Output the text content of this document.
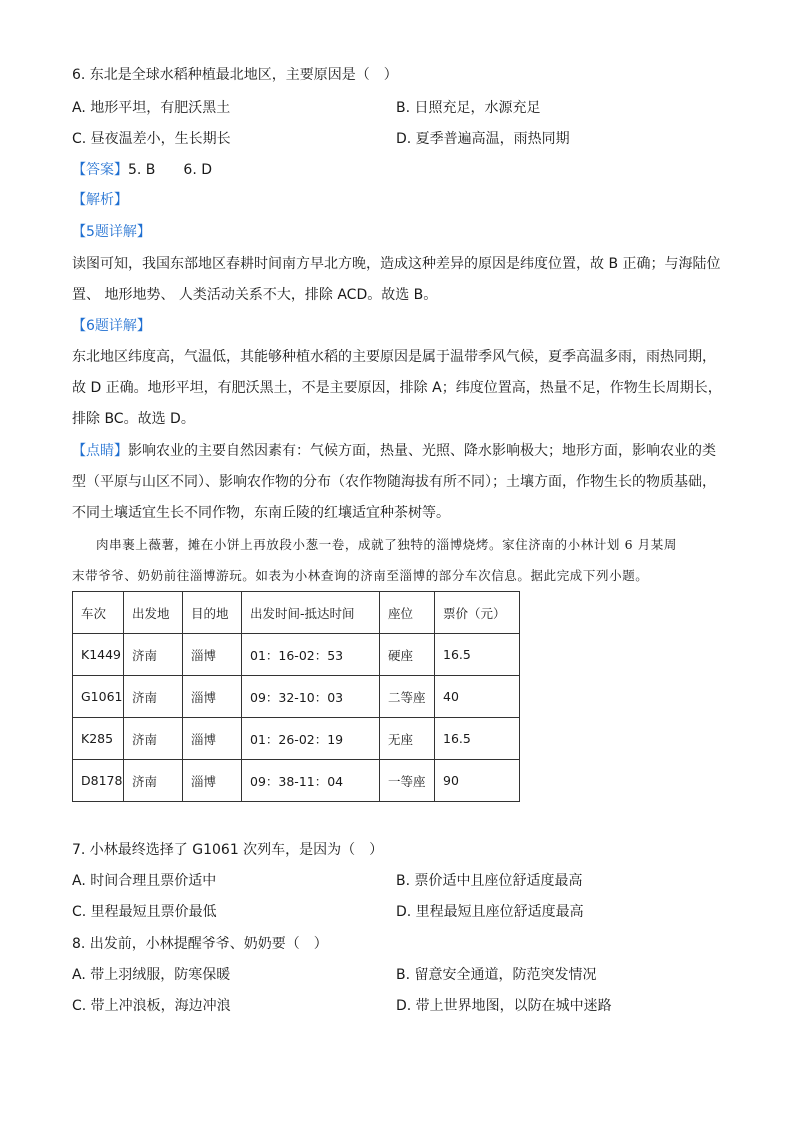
6. 东北是全球水稻种植最北地区，主要原因是（　）
A. 地形平坦，有肥沃黑土	B. 日照充足，水源充足
C. 昼夜温差小，生长期长	D. 夏季普遍高温，雨热同期
【答案】5. B　　6. D
【解析】
【5题详解】
读图可知，我国东部地区春耕时间南方早北方晚，造成这种差异的原因是纬度位置，故 B 正确；与海陆位
置、 地形地势、 人类活动关系不大，排除 ACD。故选 B。
【6题详解】
东北地区纬度高，气温低，其能够种植水稻的主要原因是属于温带季风气候，夏季高温多雨，雨热同期，
故 D 正确。地形平坦，有肥沃黑土，不是主要原因，排除 A；纬度位置高，热量不足，作物生长周期长，
排除 BC。故选 D。
【点睛】影响农业的主要自然因素有：气候方面，热量、光照、降水影响极大；地形方面，影响农业的类
型（平原与山区不同）、影响农作物的分布（农作物随海拔有所不同）；土壤方面，作物生长的物质基础，
不同土壤适宜生长不同作物，东南丘陵的红壤适宜种茶树等。
肉串裹上薇薯，摊在小饼上再放段小葱一卷，成就了独特的淄博烧烤。家住济南的小林计划 6 月某周
末带爷爷、奶奶前往淄博游玩。如表为小林查询的济南至淄博的部分车次信息。据此完成下列小题。
车次	出发地	目的地	出发时间-抵达时间	座位	票价（元）
K1449	济南	淄博	01：16-02：53	硬座	16.5
G1061	济南	淄博	09：32-10：03	二等座	40
K285	济南	淄博	01：26-02：19	无座	16.5
D8178	济南	淄博	09：38-11：04	一等座	90
7. 小林最终选择了 G1061 次列车，是因为（　）
A. 时间合理且票价适中	B. 票价适中且座位舒适度最高
C. 里程最短且票价最低	D. 里程最短且座位舒适度最高
8. 出发前，小林提醒爷爷、奶奶要（　）
A. 带上羽绒服，防寒保暖	B. 留意安全通道，防范突发情况
C. 带上冲浪板，海边冲浪	D. 带上世界地图，以防在城中迷路
